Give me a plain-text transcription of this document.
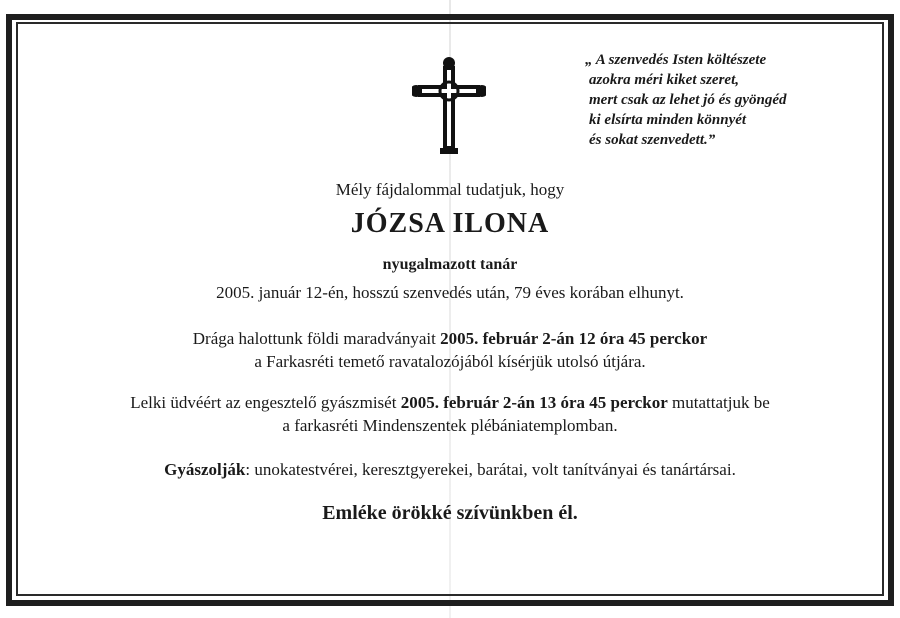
„ A szenvedés Isten költészete
azokra méri kiket szeret,
mert csak az lehet jó és gyöngéd
ki elsírta minden könnyét
és sokat szenvedett.”
Mély fájdalommal tudatjuk, hogy
JÓZSA ILONA
nyugalmazott tanár
2005. január 12-én, hosszú szenvedés után, 79 éves korában elhunyt.
Drága halottunk földi maradványait 2005. február 2-án 12 óra 45 perckor
a Farkasréti temető ravatalozójából kísérjük utolsó útjára.
Lelki üdvéért az engesztelő gyászmisét 2005. február 2-án 13 óra 45 perckor mutattatjuk be
a farkasréti Mindenszentek plébániatemplomban.
Gyászolják: unokatestvérei, keresztgyerekei, barátai, volt tanítványai és tanártársai.
Emléke örökké szívünkben él.
